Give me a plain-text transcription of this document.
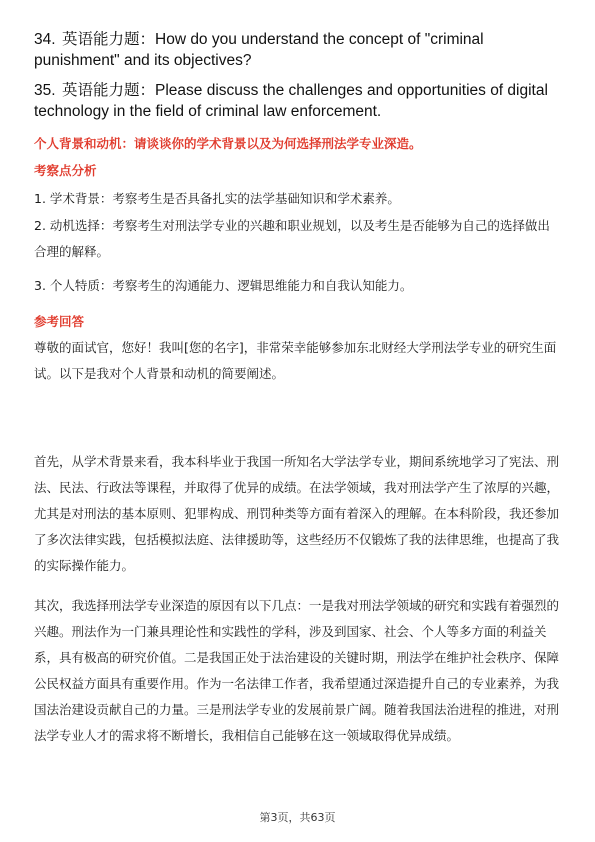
34. 英语能力题：How do you understand the concept of "criminal punishment" and its objectives?
35. 英语能力题：Please discuss the challenges and opportunities of digital technology in the field of criminal law enforcement.
个人背景和动机：请谈谈你的学术背景以及为何选择刑法学专业深造。
考察点分析
1. 学术背景：考察考生是否具备扎实的法学基础知识和学术素养。
2. 动机选择：考察考生对刑法学专业的兴趣和职业规划，以及考生是否能够为自己的选择做出合理的解释。
3. 个人特质：考察考生的沟通能力、逻辑思维能力和自我认知能力。
参考回答
尊敬的面试官，您好！我叫[您的名字]，非常荣幸能够参加东北财经大学刑法学专业的研究生面试。以下是我对个人背景和动机的简要阐述。
首先，从学术背景来看，我本科毕业于我国一所知名大学法学专业，期间系统地学习了宪法、刑法、民法、行政法等课程，并取得了优异的成绩。在法学领域，我对刑法学产生了浓厚的兴趣，尤其是对刑法的基本原则、犯罪构成、刑罚种类等方面有着深入的理解。在本科阶段，我还参加了多次法律实践，包括模拟法庭、法律援助等，这些经历不仅锻炼了我的法律思维，也提高了我的实际操作能力。
其次，我选择刑法学专业深造的原因有以下几点：一是我对刑法学领域的研究和实践有着强烈的兴趣。刑法作为一门兼具理论性和实践性的学科，涉及到国家、社会、个人等多方面的利益关系，具有极高的研究价值。二是我国正处于法治建设的关键时期，刑法学在维护社会秩序、保障公民权益方面具有重要作用。作为一名法律工作者，我希望通过深造提升自己的专业素养，为我国法治建设贡献自己的力量。三是刑法学专业的发展前景广阔。随着我国法治进程的推进，对刑法学专业人才的需求将不断增长，我相信自己能够在这一领域取得优异成绩。
第3页，共63页
